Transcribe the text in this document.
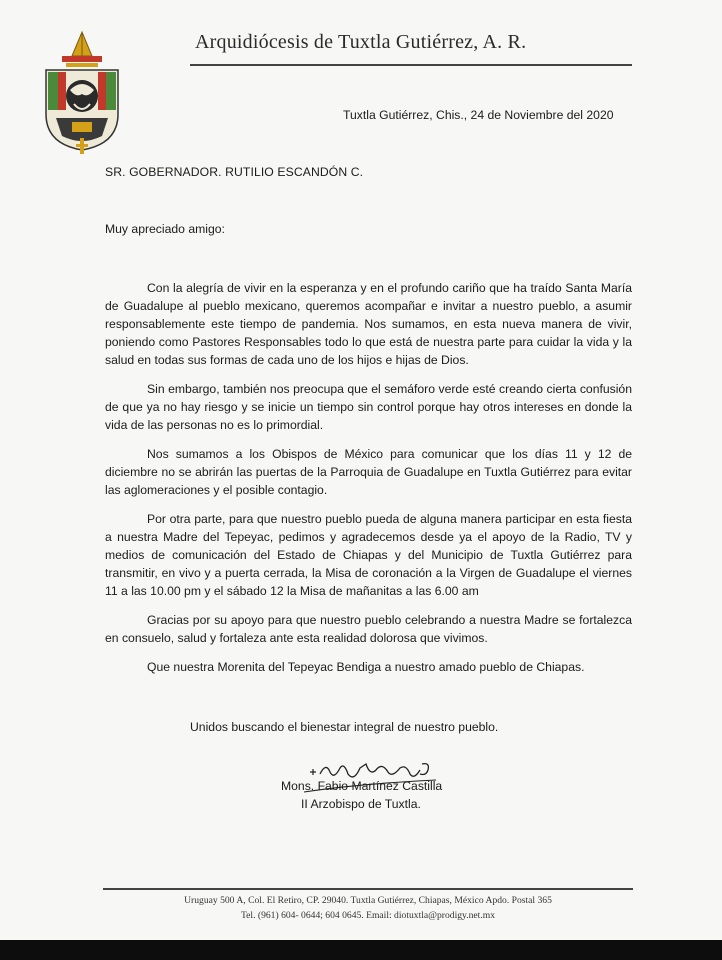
Arquidiócesis de Tuxtla Gutiérrez, A. R.
Tuxtla Gutiérrez, Chis., 24 de Noviembre del 2020
SR. GOBERNADOR. RUTILIO ESCANDÓN C.
Muy apreciado amigo:

Con la alegría de vivir en la esperanza y en el profundo cariño que ha traído Santa María de Guadalupe al pueblo mexicano, queremos acompañar e invitar a nuestro pueblo, a asumir responsablemente este tiempo de pandemia. Nos sumamos, en esta nueva manera de vivir, poniendo como Pastores Responsables todo lo que está de nuestra parte para cuidar la vida y la salud en todas sus formas de cada uno de los hijos e hijas de Dios.

Sin embargo, también nos preocupa que el semáforo verde esté creando cierta confusión de que ya no hay riesgo y se inicie un tiempo sin control porque hay otros intereses en donde la vida de las personas no es lo primordial.

Nos sumamos a los Obispos de México para comunicar que los días 11 y 12 de diciembre no se abrirán las puertas de la Parroquia de Guadalupe en Tuxtla Gutiérrez para evitar las aglomeraciones y el posible contagio.

Por otra parte, para que nuestro pueblo pueda de alguna manera participar en esta fiesta a nuestra Madre del Tepeyac, pedimos y agradecemos desde ya el apoyo de la Radio, TV y medios de comunicación del Estado de Chiapas y del Municipio de Tuxtla Gutiérrez para transmitir, en vivo y a puerta cerrada, la Misa de coronación a la Virgen de Guadalupe el viernes 11 a las 10.00 pm y el sábado 12 la Misa de mañanitas a las 6.00 am

Gracias por su apoyo para que nuestro pueblo celebrando a nuestra Madre se fortalezca en consuelo, salud y fortaleza ante esta realidad dolorosa que vivimos.

Que nuestra Morenita del Tepeyac Bendiga a nuestro amado pueblo de Chiapas.

Unidos buscando el bienestar integral de nuestro pueblo.
Mons. Fabio Martínez Castilla
II Arzobispo de Tuxtla.
Uruguay 500 A, Col. El Retiro, CP. 29040. Tuxtla Gutiérrez, Chiapas, México Apdo. Postal 365
Tel. (961) 604- 0644; 604 0645. Email: diotuxtla@prodigy.net.mx
